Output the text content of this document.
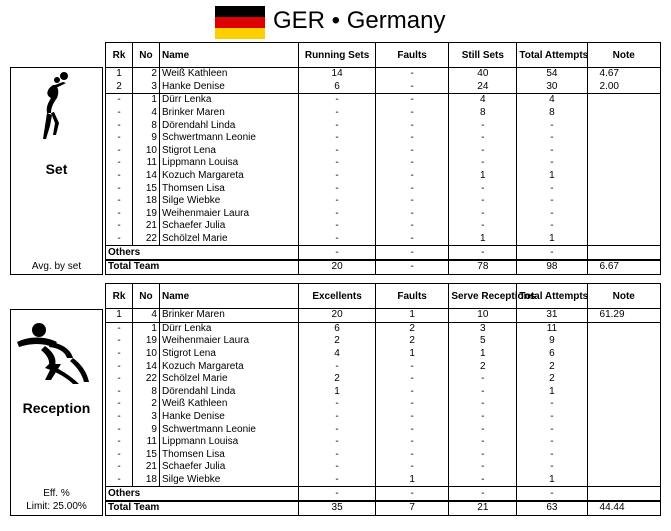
GER • Germany
Set
Avg. by set
Rk	No	Name	Running Sets	Faults	Still Sets	Total Attempts	Note
1	2	Weiß Kathleen	14	-	40	54	4.67
2	3	Hanke Denise	6	-	24	30	2.00
-	1	Dürr Lenka	-	-	4	4	
-	4	Brinker Maren	-	-	8	8	
-	8	Dörendahl Linda	-	-	-	-	
-	9	Schwertmann Leonie	-	-	-	-	
-	10	Stigrot Lena	-	-	-	-	
-	11	Lippmann Louisa	-	-	-	-	
-	14	Kozuch Margareta	-	-	1	1	
-	15	Thomsen Lisa	-	-	-	-	
-	18	Silge Wiebke	-	-	-	-	
-	19	Weihenmaier Laura	-	-	-	-	
-	21	Schaefer Julia	-	-	-	-	
-	22	Schölzel Marie	-	-	1	1	
Others			-	-	-	-	
Total Team			20	-	78	98	6.67
Reception
Eff. %
Limit: 25.00%
Rk	No	Name	Excellents	Faults	Serve Receptions	Total Attempts	Note
1	4	Brinker Maren	20	1	10	31	61.29
-	1	Dürr Lenka	6	2	3	11	
-	19	Weihenmaier Laura	2	2	5	9	
-	10	Stigrot Lena	4	1	1	6	
-	14	Kozuch Margareta	-	-	2	2	
-	22	Schölzel Marie	2	-	-	2	
-	8	Dörendahl Linda	1	-	-	1	
-	2	Weiß Kathleen	-	-	-	-	
-	3	Hanke Denise	-	-	-	-	
-	9	Schwertmann Leonie	-	-	-	-	
-	11	Lippmann Louisa	-	-	-	-	
-	15	Thomsen Lisa	-	-	-	-	
-	21	Schaefer Julia	-	-	-	-	
-	18	Silge Wiebke	-	1	-	1	
Others			-	-	-	-	
Total Team			35	7	21	63	44.44
